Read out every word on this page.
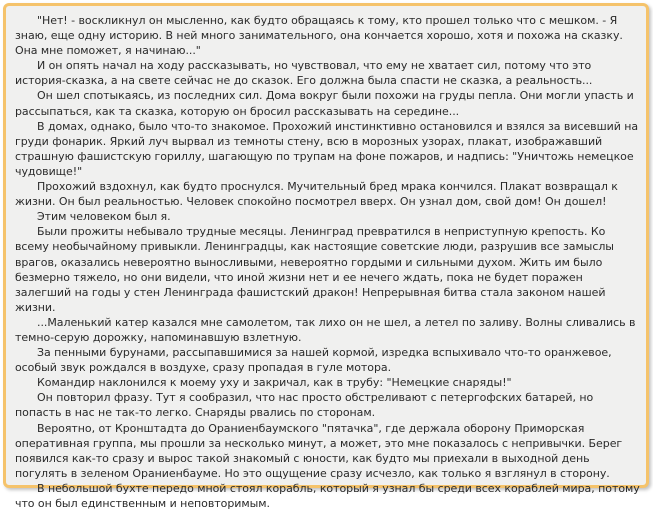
"Нет! - воскликнул он мысленно, как будто обращаясь к тому, кто прошел только что с мешком. - Я знаю, еще одну историю. В ней много занимательного, она кончается хорошо, хотя и похожа на сказку. Она мне поможет, я начинаю..."

И он опять начал на ходу рассказывать, но чувствовал, что ему не хватает сил, потому что это история-сказка, а на свете сейчас не до сказок. Его должна была спасти не сказка, а реальность...

Он шел спотыкаясь, из последних сил. Дома вокруг были похожи на груды пепла. Они могли упасть и рассыпаться, как та сказка, которую он бросил рассказывать на середине...

В домах, однако, было что-то знакомое. Прохожий инстинктивно остановился и взялся за висевший на груди фонарик. Яркий луч вырвал из темноты стену, всю в морозных узорах, плакат, изображавший страшную фашистскую гориллу, шагающую по трупам на фоне пожаров, и надпись: "Уничтожь немецкое чудовище!"

Прохожий вздохнул, как будто проснулся. Мучительный бред мрака кончился. Плакат возвращал к жизни. Он был реальностью. Человек спокойно посмотрел вверх. Он узнал дом, свой дом! Он дошел!

Этим человеком был я.

Были прожиты небывало трудные месяцы. Ленинград превратился в неприступную крепость. Ко всему необычайному привыкли. Ленинградцы, как настоящие советские люди, разрушив все замыслы врагов, оказались невероятно выносливыми, невероятно гордыми и сильными духом. Жить им было безмерно тяжело, но они видели, что иной жизни нет и ее нечего ждать, пока не будет поражен залегший на годы у стен Ленинграда фашистский дракон! Непрерывная битва стала законом нашей жизни.

...Маленький катер казался мне самолетом, так лихо он не шел, а летел по заливу. Волны сливались в темно-серую дорожку, напоминавшую взлетную.

За пенными бурунами, рассыпавшимися за нашей кормой, изредка вспыхивало что-то оранжевое, особый звук рождался в воздухе, сразу пропадая в гуле мотора.

Командир наклонился к моему уху и закричал, как в трубу: "Немецкие снаряды!"

Он повторил фразу. Тут я сообразил, что нас просто обстреливают с петергофских батарей, но попасть в нас не так-то легко. Снаряды рвались по сторонам.

Вероятно, от Кронштадта до Ораниенбаумского "пятачка", где держала оборону Приморская оперативная группа, мы прошли за несколько минут, а может, это мне показалось с непривычки. Берег появился как-то сразу и вырос такой знакомый с юности, как будто мы приехали в выходной день погулять в зеленом Ораниенбауме. Но это ощущение сразу исчезло, как только я взглянул в сторону.

В небольшой бухте передо мной стоял корабль, который я узнал бы среди всех кораблей мира, потому что он был единственным и неповторимым.
